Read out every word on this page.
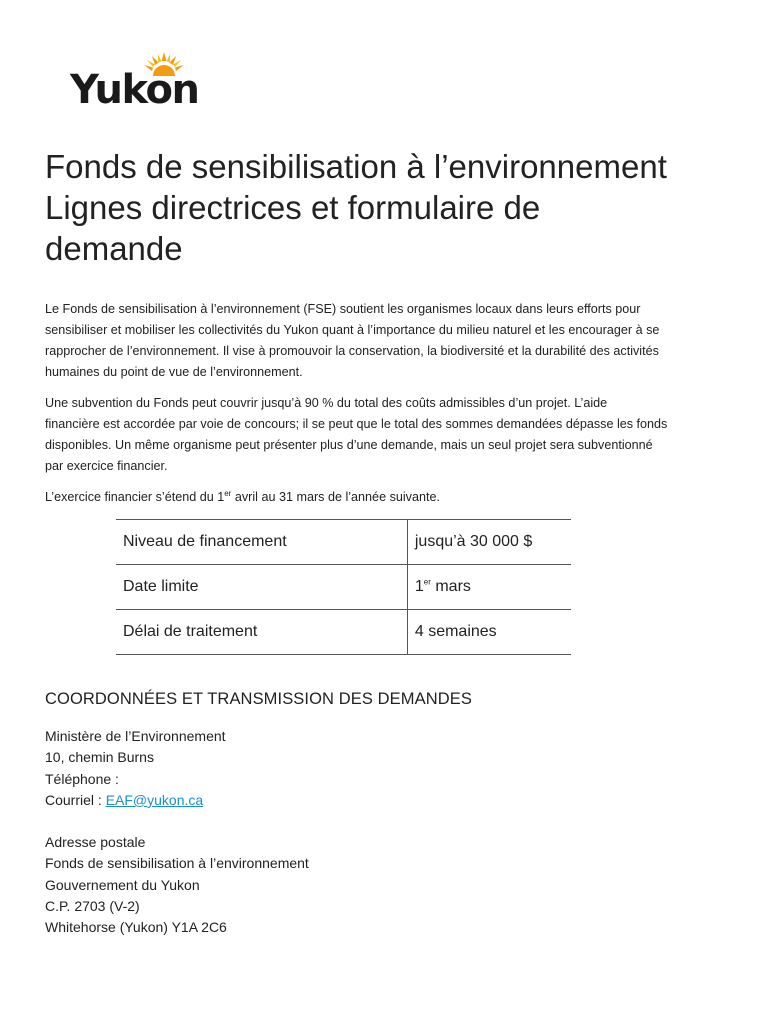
Yukon
Fonds de sensibilisation à l’environnement
Lignes directrices et formulaire de
demande

Le Fonds de sensibilisation à l’environnement (FSE) soutient les organismes locaux dans leurs efforts pour
sensibiliser et mobiliser les collectivités du Yukon quant à l’importance du milieu naturel et les encourager à se
rapprocher de l’environnement. Il vise à promouvoir la conservation, la biodiversité et la durabilité des activités
humaines du point de vue de l’environnement.

Une subvention du Fonds peut couvrir jusqu’à 90 % du total des coûts admissibles d’un projet. L’aide
financière est accordée par voie de concours; il se peut que le total des sommes demandées dépasse les fonds
disponibles. Un même organisme peut présenter plus d’une demande, mais un seul projet sera subventionné
par exercice financier.

L’exercice financier s’étend du 1er avril au 31 mars de l’année suivante.

Niveau de financement	jusqu’à 30 000 $
Date limite	1er mars
Délai de traitement	4 semaines
COORDONNÉES ET TRANSMISSION DES DEMANDES
Ministère de l’Environnement
10, chemin Burns
Téléphone :
Courriel : EAF@yukon.ca
Adresse postale
Fonds de sensibilisation à l’environnement
Gouvernement du Yukon
C.P. 2703 (V-2)
Whitehorse (Yukon) Y1A 2C6
